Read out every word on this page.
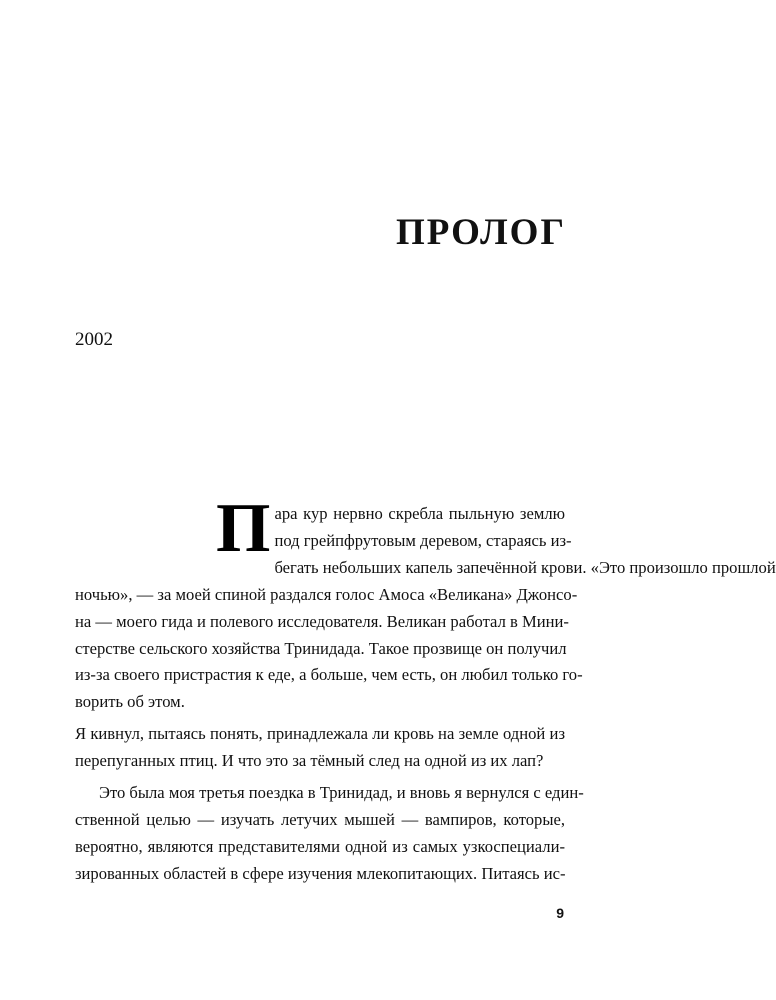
ПРОЛОГ
2002

П ара кур нервно скребла пыльную землю
под грейпфрутовым деревом, стараясь из-
бегать небольших капель запечённой крови. «Это произошло прошлой
ночью», — за моей спиной раздался голос Амоса «Великана» Джонсо-
на — моего гида и полевого исследователя. Великан работал в Мини-
стерстве сельского хозяйства Тринидада. Такое прозвище он получил
из-за своего пристрастия к еде, а больше, чем есть, он любил только го-
ворить об этом.

Я кивнул, пытаясь понять, принадлежала ли кровь на земле одной из
перепуганных птиц. И что это за тёмный след на одной из их лап?

Это была моя третья поездка в Тринидад, и вновь я вернулся с един-
ственной целью — изучать летучих мышей — вампиров, которые,
вероятно, являются представителями одной из самых узкоспециали-
зированных областей в сфере изучения млекопитающих. Питаясь ис-

9
